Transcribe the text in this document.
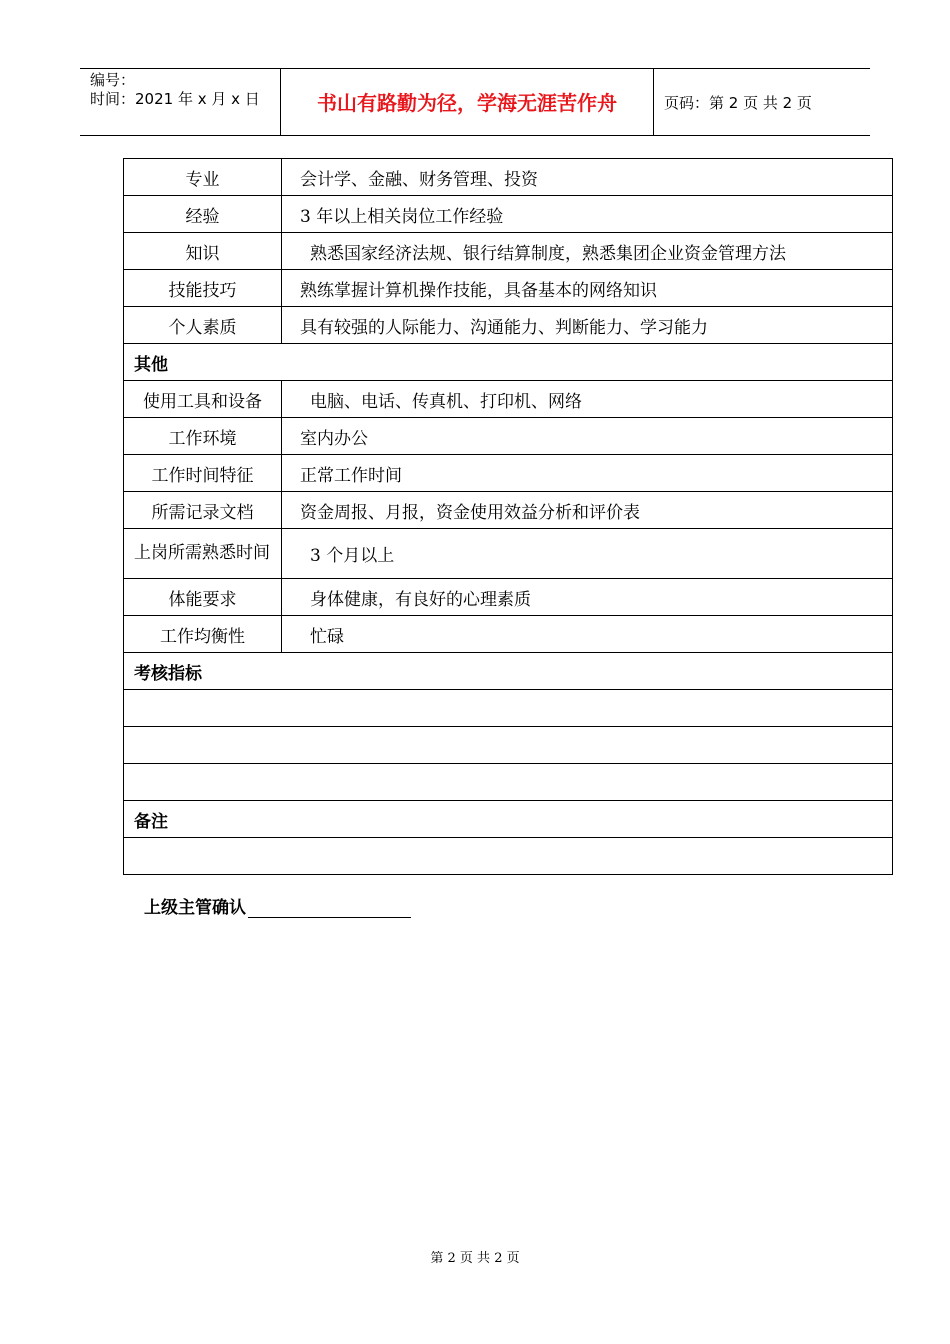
编号：
时间：2021 年 x 月 x 日	书山有路勤为径，学海无涯苦作舟	页码：第 2 页 共 2 页
专业	会计学、金融、财务管理、投资
经验	3 年以上相关岗位工作经验
知识	熟悉国家经济法规、银行结算制度，熟悉集团企业资金管理方法
技能技巧	熟练掌握计算机操作技能，具备基本的网络知识
个人素质	具有较强的人际能力、沟通能力、判断能力、学习能力
其他	
使用工具和设备	电脑、电话、传真机、打印机、网络
工作环境	室内办公
工作时间特征	正常工作时间
所需记录文档	资金周报、月报，资金使用效益分析和评价表
上岗所需熟悉时间	3 个月以上
体能要求	身体健康，有良好的心理素质
工作均衡性	忙碌
考核指标	

备注	

上级主管确认
第 2 页 共 2 页
